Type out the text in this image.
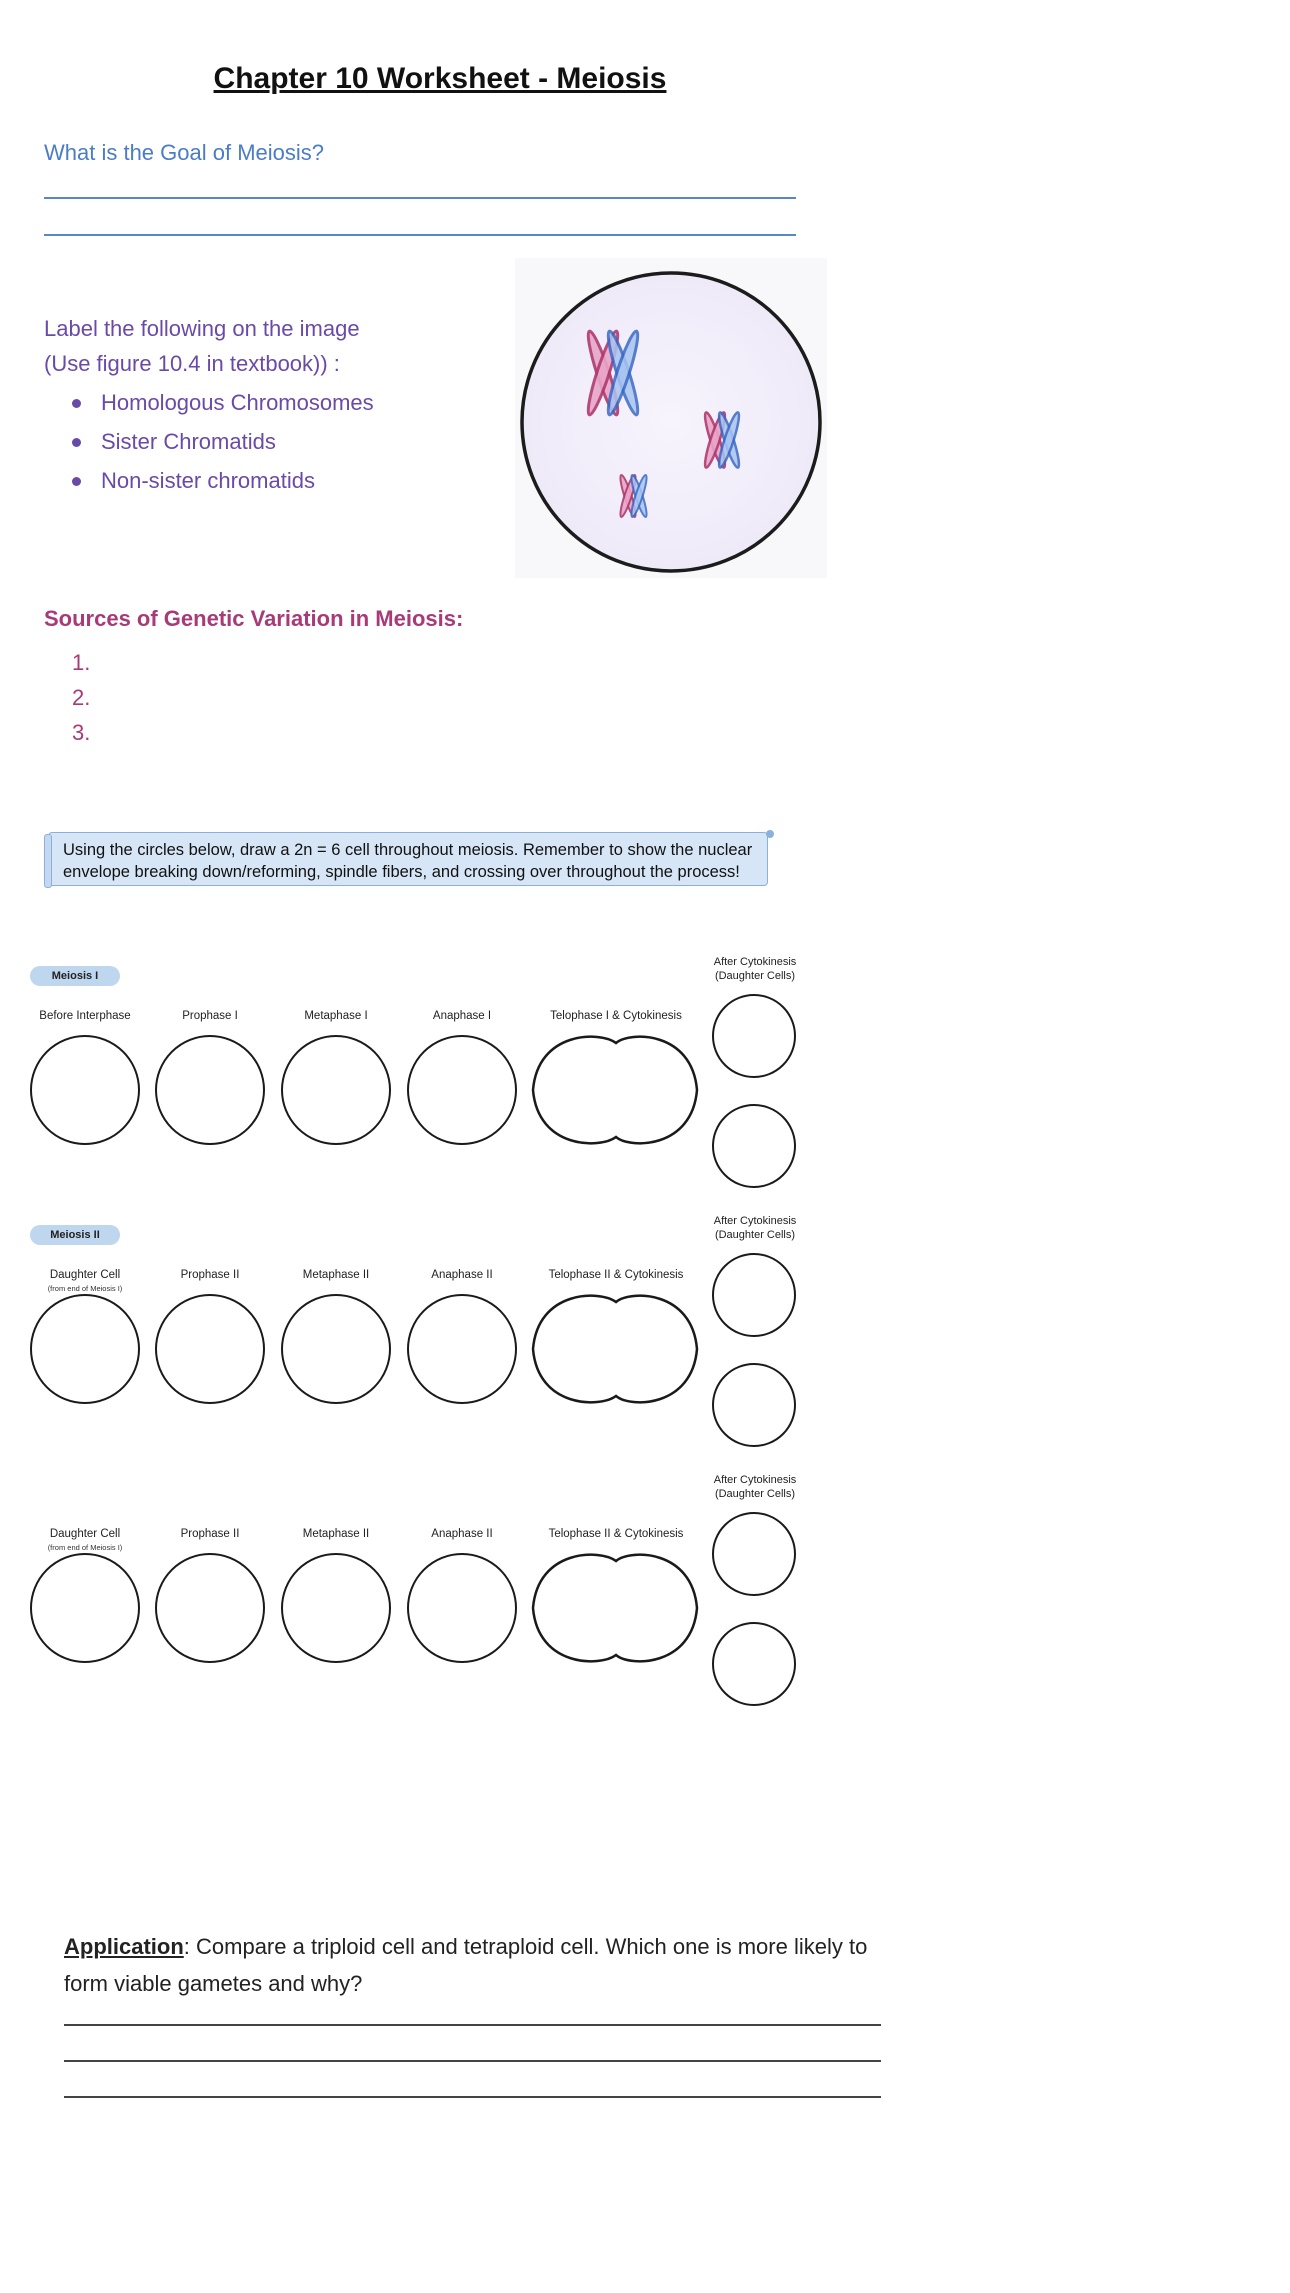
Chapter 10 Worksheet - Meiosis
What is the Goal of Meiosis?
Label the following on the image
(Use figure 10.4 in textbook)) :
Homologous Chromosomes
Sister Chromatids
Non-sister chromatids
Sources of Genetic Variation in Meiosis:
1.
2.
3.
Using the circles below, draw a 2n = 6 cell throughout meiosis. Remember to show the nuclear envelope breaking down/reforming, spindle fibers, and crossing over throughout the process!
Meiosis I
After Cytokinesis
(Daughter Cells)
Before Interphase	Prophase I	Metaphase I	Anaphase I	Telophase I & Cytokinesis
Meiosis II
After Cytokinesis
(Daughter Cells)
Daughter Cell
(from end of Meiosis I)
Prophase II	Metaphase II	Anaphase II	Telophase II & Cytokinesis
After Cytokinesis
(Daughter Cells)
Daughter Cell
(from end of Meiosis I)
Prophase II	Metaphase II	Anaphase II	Telophase II & Cytokinesis
Application: Compare a triploid cell and tetraploid cell. Which one is more likely to form viable gametes and why?
